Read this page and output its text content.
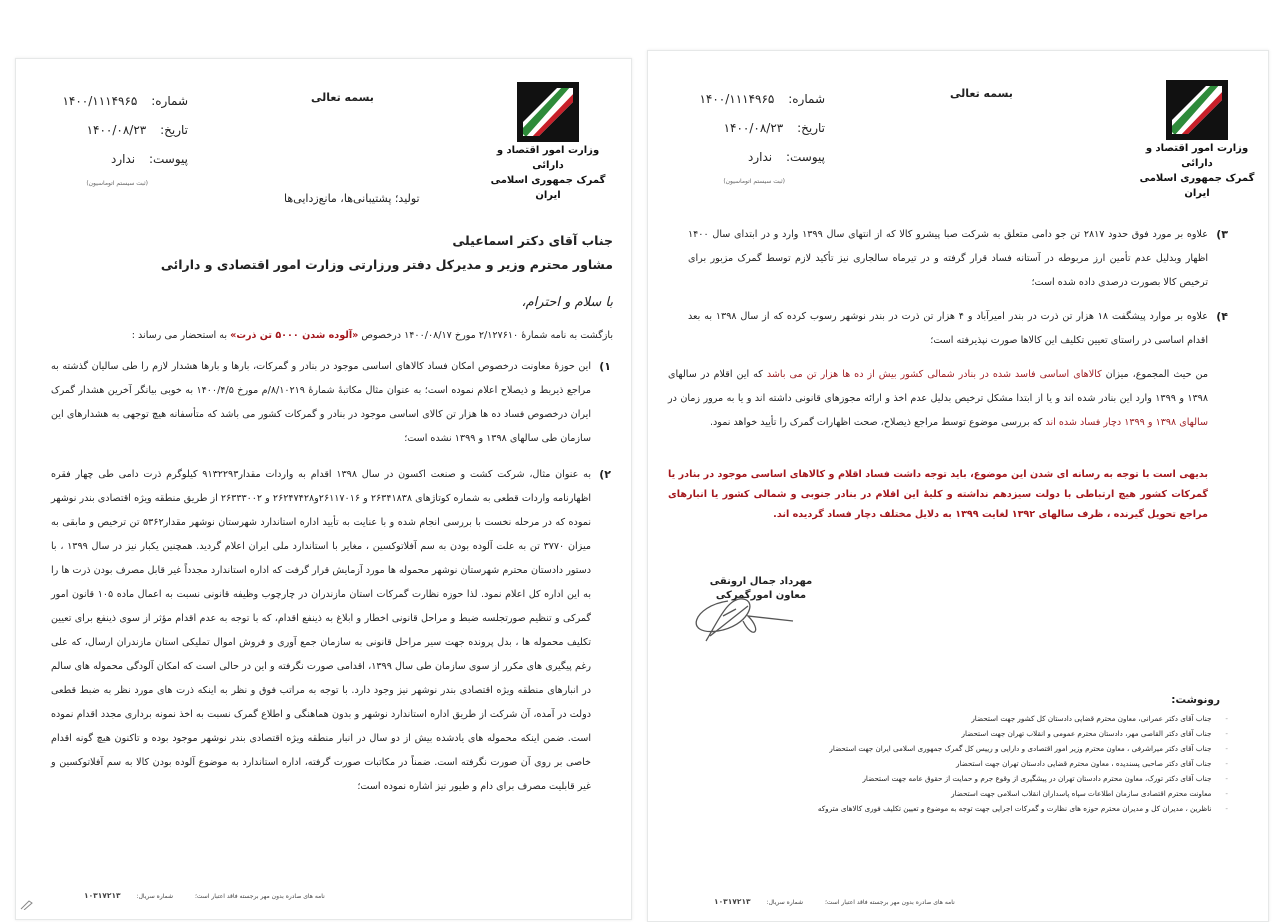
وزارت امور اقتصاد و دارائی
گمرک جمهوری اسلامی ایران
بسمه تعالی
شماره: ۱۴۰۰/۱۱۱۴۹۶۵
تاریخ: ۱۴۰۰/۰۸/۲۳
پیوست: ندارد
(ثبت سیستم اتوماسیون)
تولید؛ پشتیبانی‌ها، مانع‌زدایی‌ها
جناب آقای دکتر اسماعیلی
مشاور محترم وزیر و مدیرکل دفتر ورزارتی وزارت امور اقتصادی و دارائی
با سلام و احترام،
بازگشت به نامه شمارهٔ ۲/۱۲۷۶۱۰ مورخ ۱۴۰۰/۰۸/۱۷ درخصوص «آلوده شدن ۵۰۰۰ تن ذرت» به استحضار می رساند :
۱)
این حوزهٔ معاونت درخصوص امکان فساد کالاهای اساسی موجود در بنادر و گمرکات، بارها و بارها هشدار لازم را طی سالیان گذشته به مراجع ذیربط و ذیصلاح اعلام نموده است؛ به عنوان مثال مکاتبهٔ شمارهٔ ۸/۱۰۲۱۹/م مورخ ۱۴۰۰/۴/۵ به خوبی بیانگر آخرین هشدار گمرک ایران درخصوص فساد ده ها هزار تن کالای اساسی موجود در بنادر و گمرکات کشور می باشد که متأسفانه هیچ توجهی به هشدارهای این سازمان طی سالهای ۱۳۹۸ و ۱۳۹۹ نشده است؛
۲)
به عنوان مثال، شرکت کشت و صنعت اکسون در سال ۱۳۹۸ اقدام به واردات مقدار۹۱۳۲۲۹۳ کیلوگرم ذرت دامی طی چهار فقره اظهارنامه واردات قطعی به شماره کوتاژهای ۲۶۳۴۱۸۳۸ و ۲۶۱۱۷۰۱۶و۲۶۲۴۷۴۲۸ و ۲۶۳۳۳۰۰۲ از طریق منطقه ویژه اقتصادی بندر نوشهر نموده که در مرحله نخست با بررسی انجام شده و با عنایت به تأیید اداره استاندارد شهرستان نوشهر مقدار۵۳۶۲ تن ترخیص و مابقی به میزان ۳۷۷۰ تن به علت آلوده بودن به سم آفلاتوکسین ، مغایر با استاندارد ملی ایران اعلام گردید. همچنین یکبار نیز در سال ۱۳۹۹ ، با دستور دادستان محترم شهرستان نوشهر محموله ها مورد آزمایش قرار گرفت که اداره استاندارد مجدداً غیر قابل مصرف بودن ذرت ها را به این اداره کل اعلام نمود. لذا حوزه نظارت گمرکات استان مازندران در چارچوب وظیفه قانونی نسبت به اعمال ماده ۱۰۵ قانون امور گمرکی و تنظیم صورتجلسه ضبط و مراحل قانونی اخطار و ابلاغ به ذینفع اقدام، که با توجه به عدم اقدام مؤثر از سوی ذینفع برای تعیین تکلیف محموله ها ، بدل پرونده جهت سیر مراحل قانونی به سازمان جمع آوری و فروش اموال تملیکی استان مازندران ارسال، که علی رغم پیگیری های مکرر از سوی سازمان طی سال ۱۳۹۹، اقدامی صورت نگرفته و این در حالی است که امکان آلودگی محموله های سالم در انبارهای منطقه ویژه اقتصادی بندر نوشهر نیز وجود دارد. با توجه به مراتب فوق و نظر به اینکه ذرت های مورد نظر به ضبط قطعی دولت در آمده، آن شرکت از طریق اداره استاندارد نوشهر و بدون هماهنگی و اطلاع گمرک نسبت به اخذ نمونه برداری مجدد اقدام نموده است. ضمن اینکه محموله های یادشده بیش از دو سال در انبار منطقه ویژه اقتصادی بندر نوشهر موجود بوده و تاکنون هیچ گونه اقدام خاصی بر روی آن صورت نگرفته است. ضمناً در مکاتبات صورت گرفته، اداره استاندارد به موضوع آلوده بودن کالا به سم آفلاتوکسین و غیر قابلیت مصرف برای دام و طیور نیز اشاره نموده است؛
نامه های صادره بدون مهر برجسته فاقد اعتبار است؛ شماره سریال: ۱۰۳۱۷۲۱۳
وزارت امور اقتصاد و دارائی
گمرک جمهوری اسلامی ایران
بسمه تعالی
شماره: ۱۴۰۰/۱۱۱۴۹۶۵
تاریخ: ۱۴۰۰/۰۸/۲۳
پیوست: ندارد
(ثبت سیستم اتوماسیون)
۳)
علاوه بر مورد فوق حدود ۲۸۱۷ تن جو دامی متعلق به شرکت صبا پیشرو کالا که از انتهای سال ۱۳۹۹ وارد و در ابتدای سال ۱۴۰۰ اظهار وبدلیل عدم تأمین ارز مربوطه در آستانه فساد قرار گرفته و در تیرماه سالجاری نیز تأکید لازم توسط گمرک مزبور برای ترخیص کالا بصورت درصدی داده شده است؛
۴)
علاوه بر موارد پیشگفت ۱۸ هزار تن ذرت در بندر امیرآباد و ۴ هزار تن ذرت در بندر نوشهر رسوب کرده که از سال ۱۳۹۸ به بعد اقدام اساسی در راستای تعیین تکلیف این کالاها صورت نپذیرفته است؛
من حیث المجموع، میزان کالاهای اساسی فاسد شده در بنادر شمالی کشور بیش از ده ها هزار تن می باشد که این اقلام در سالهای ۱۳۹۸ و ۱۳۹۹ وارد این بنادر شده اند و یا از ابتدا مشکل ترخیص بدلیل عدم اخذ و ارائه مجوزهای قانونی داشته اند و یا به مرور زمان در سالهای ۱۳۹۸ و ۱۳۹۹ دچار فساد شده اند که بررسی موضوع توسط مراجع ذیصلاح، صحت اظهارات گمرک را تأیید خواهد نمود.
بدیهی است با توجه به رسانه ای شدن این موضوع، باید توجه داشت فساد اقلام و کالاهای اساسی موجود در بنادر یا گمرکات کشور هیچ ارتباطی با دولت سیزدهم نداشته و کلیهٔ این اقلام در بنادر جنوبی و شمالی کشور یا انبارهای مراجع تحویل گیرنده ، ظرف سالهای ۱۳۹۲ لغایت ۱۳۹۹ به دلایل مختلف دچار فساد گردیده اند.
مهرداد جمال ارونقی
معاون امورگمرکی
رونوشت:
- جناب آقای دکتر عمرانی، معاون محترم قضایی دادستان کل کشور جهت استحضار
- جناب آقای دکتر القاصی مهر، دادستان محترم عمومی و انقلاب تهران جهت استحضار
- جناب آقای دکتر میراشرفی ، معاون محترم وزیر امور اقتصادی و دارایی و رییس کل گمرک جمهوری اسلامی ایران جهت استحضار
- جناب آقای دکتر صاحبی پسندیده ، معاون محترم قضایی دادستان تهران جهت استحضار
- جناب آقای دکتر تورک، معاون محترم دادستان تهران در پیشگیری از وقوع جرم و حمایت از حقوق عامه جهت استحضار
- معاونت محترم اقتصادی سازمان اطلاعات سپاه پاسداران انقلاب اسلامی جهت استحضار
- ناظرین ، مدیران کل و مدیران محترم حوزه های نظارت و گمرکات اجرایی جهت توجه به موضوع و تعیین تکلیف فوری کالاهای متروکه
نامه های صادره بدون مهر برجسته فاقد اعتبار است؛ شماره سریال: ۱۰۳۱۷۲۱۳
